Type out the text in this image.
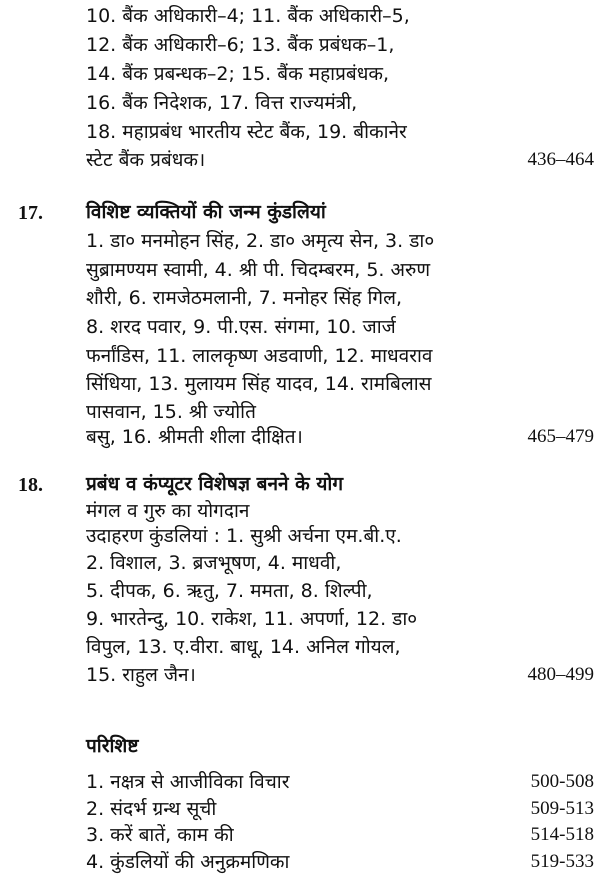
10. बैंक अधिकारी–4; 11. बैंक अधिकारी–5,
12. बैंक अधिकारी–6; 13. बैंक प्रबंधक–1,
14. बैंक प्रबन्धक–2; 15. बैंक महाप्रबंधक,
16. बैंक निदेशक, 17. वित्त राज्यमंत्री,
18. महाप्रबंध भारतीय स्टेट बैंक, 19. बीकानेर
स्टेट बैंक प्रबंधक।	436–464
17. विशिष्ट व्यक्तियों की जन्म कुंडलियां
1. डा० मनमोहन सिंह, 2. डा० अमृत्य सेन, 3. डा०
सुब्रामण्यम स्वामी, 4. श्री पी. चिदम्बरम, 5. अरुण
शौरी, 6. रामजेठमलानी, 7. मनोहर सिंह गिल,
8. शरद पवार, 9. पी.एस. संगमा, 10. जार्ज
फर्नांडिस, 11. लालकृष्ण अडवाणी, 12. माधवराव
सिंधिया, 13. मुलायम सिंह यादव, 14. रामबिलास
पासवान, 15. श्री ज्योति
बसु, 16. श्रीमती शीला दीक्षित।	465–479
18. प्रबंध व कंप्यूटर विशेषज्ञ बनने के योग
मंगल व गुरु का योगदान
उदाहरण कुंडलियां : 1. सुश्री अर्चना एम.बी.ए.
2. विशाल, 3. ब्रजभूषण, 4. माधवी,
5. दीपक, 6. ऋतु, 7. ममता, 8. शिल्पी,
9. भारतेन्दु, 10. राकेश, 11. अपर्णा, 12. डा०
विपुल, 13. ए.वीरा. बाधू, 14. अनिल गोयल,
15. राहुल जैन।	480–499
परिशिष्ट
1. नक्षत्र से आजीविका विचार	500-508
2. संदर्भ ग्रन्थ सूची	509-513
3. करें बातें, काम की	514-518
4. कुंडलियों की अनुक्रमणिका	519-533
